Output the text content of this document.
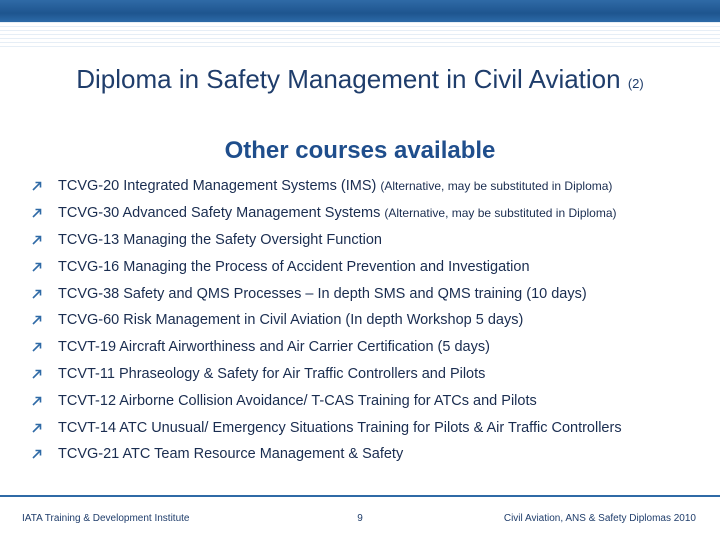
Diploma in Safety Management in Civil Aviation (2)
Other courses available
TCVG-20 Integrated Management Systems (IMS) (Alternative, may be substituted in Diploma)
TCVG-30 Advanced Safety Management Systems (Alternative, may be substituted in Diploma)
TCVG-13 Managing the Safety Oversight Function
TCVG-16 Managing the Process of Accident Prevention and Investigation
TCVG-38 Safety and QMS Processes – In depth SMS and QMS training (10 days)
TCVG-60 Risk Management in Civil Aviation (In depth Workshop 5 days)
TCVT-19 Aircraft Airworthiness and Air Carrier Certification (5 days)
TCVT-11 Phraseology & Safety for Air Traffic Controllers and Pilots
TCVT-12 Airborne Collision Avoidance/ T-CAS Training for ATCs and Pilots
TCVT-14 ATC Unusual/ Emergency Situations Training for Pilots & Air Traffic Controllers
TCVG-21 ATC Team Resource Management & Safety
IATA Training & Development Institute	9	Civil Aviation, ANS & Safety Diplomas 2010
